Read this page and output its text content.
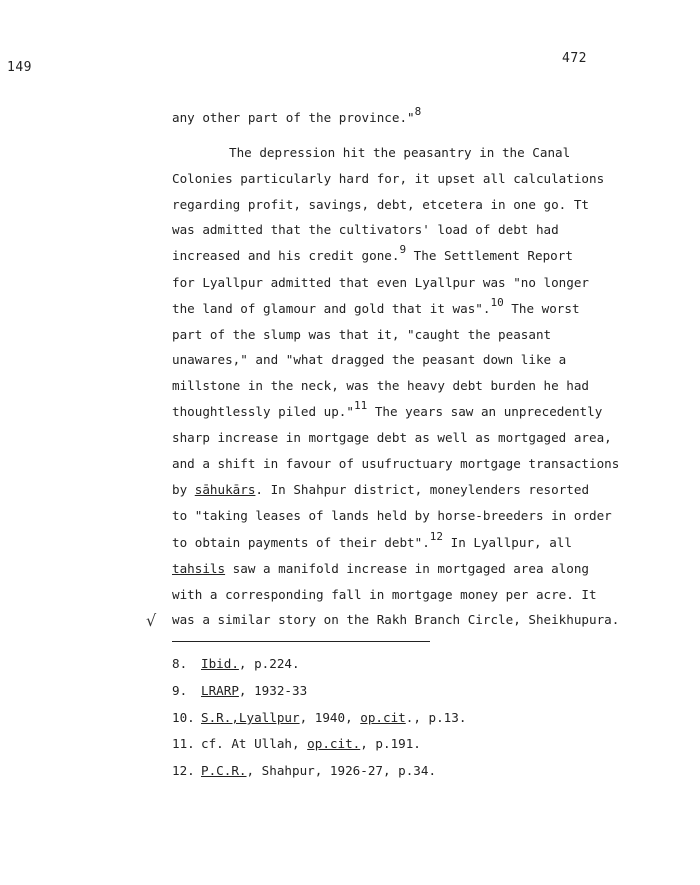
149
472
any other part of the province."$^8$
The depression hit the peasantry in the Canal
Colonies particularly hard for, it upset all calculations
regarding profit, savings, debt, etcetera in one go. Tt
was admitted that the cultivators' load of debt had
increased and his credit gone.$^9$ The Settlement Report
for Lyallpur admitted that even Lyallpur was "no longer
the land of glamour and gold that it was".$^{10}$ The worst
part of the slump was that it, "caught the peasant
unawares," and "what dragged the peasant down like a
millstone in the neck, was the heavy debt burden he had
thoughtlessly piled up."$^{11}$ The years saw an unprecedently
sharp increase in mortgage debt as well as mortgaged area,
and a shift in favour of usufructuary mortgage transactions
by sāhukārs. In Shahpur district, moneylenders resorted
to "taking leases of lands held by horse-breeders in order
to obtain payments of their debt".$^{12}$ In Lyallpur, all
tahsils saw a manifold increase in mortgaged area along
with a corresponding fall in mortgage money per acre. It
was a similar story on the Rakh Branch Circle, Sheikhupura.
√
8. Ibid., p.224.
9. LRARP, 1932-33
10. S.R.,Lyallpur, 1940, op.cit., p.13.
11. cf. At Ullah, op.cit., p.191.
12. P.C.R., Shahpur, 1926-27, p.34.
